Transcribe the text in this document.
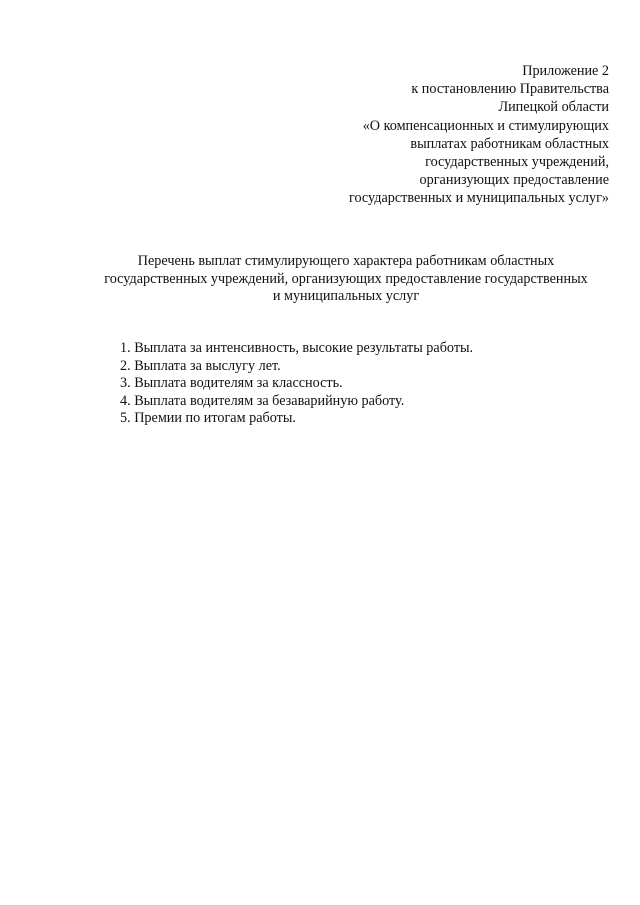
Приложение 2
к постановлению Правительства
Липецкой области
«О компенсационных и стимулирующих
выплатах работникам областных
государственных учреждений,
организующих предоставление
государственных и муниципальных услуг»
Перечень выплат стимулирующего характера работникам областных
государственных учреждений, организующих предоставление государственных
и муниципальных услуг
1. Выплата за интенсивность, высокие результаты работы.
2. Выплата за выслугу лет.
3. Выплата водителям за классность.
4. Выплата водителям за безаварийную работу.
5. Премии по итогам работы.
